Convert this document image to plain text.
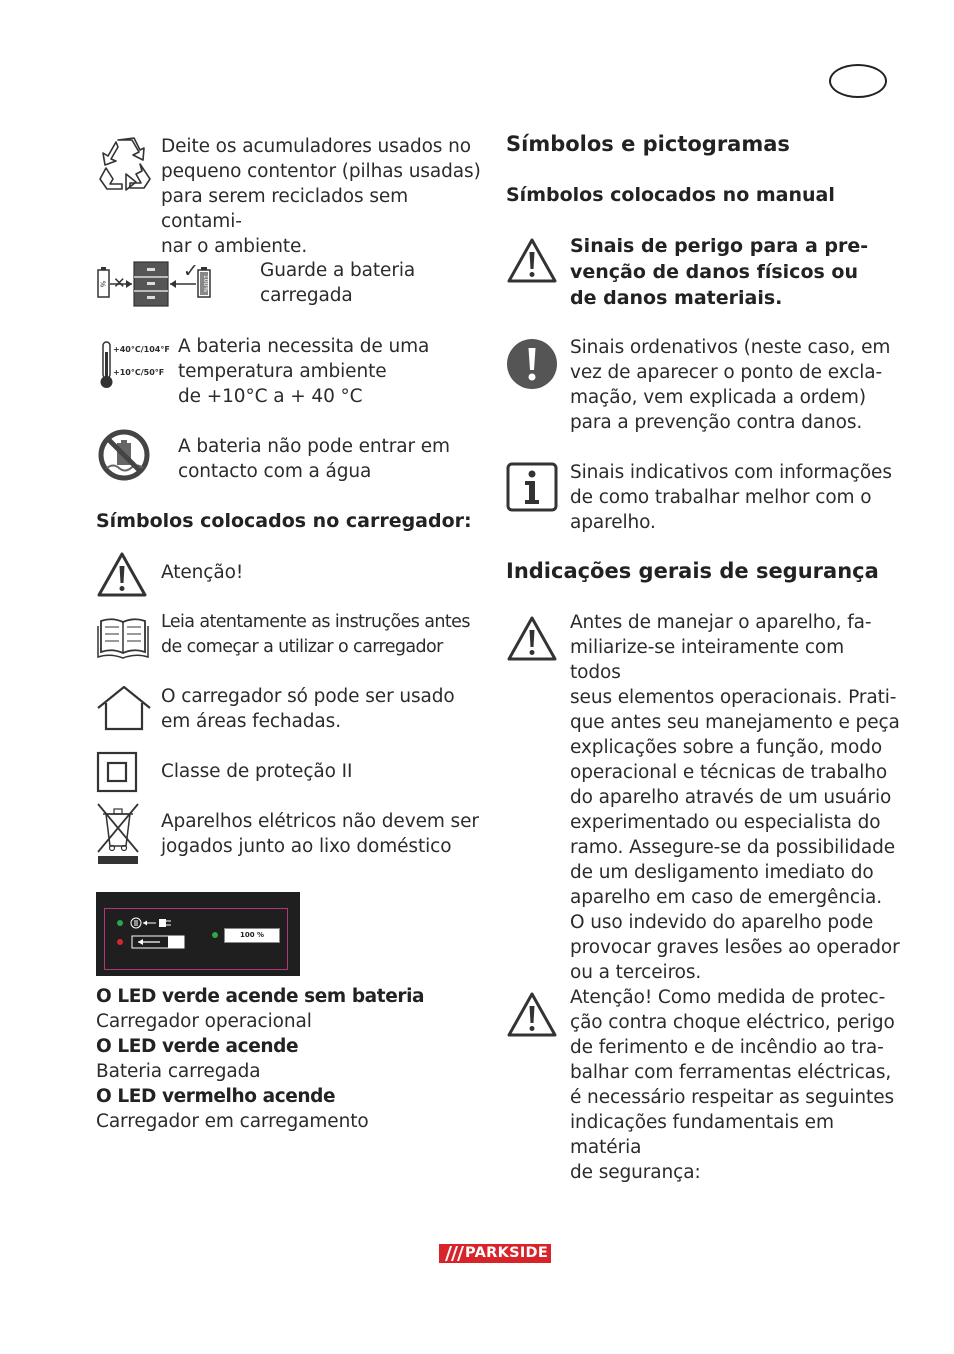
Deite os acumuladores usados no
pequeno contentor (pilhas usadas)
para serem reciclados sem contami-
nar o ambiente.
%	100%
✕
✓	Guarde a bateria
carregada
+40°C/104°F
+10°C/50°F
A bateria necessita de uma
temperatura ambiente
de +10°C a + 40 °C
A bateria não pode entrar em
contacto com a água
Símbolos colocados no carregador:
Atenção!
Leia atentamente as instruções antes
de começar a utilizar o carregador
O carregador só pode ser usado
em áreas fechadas.
Classe de proteção II
Aparelhos elétricos não devem ser
jogados junto ao lixo doméstico
100 %
O LED verde acende sem bateria
Carregador operacional
O LED verde acende
Bateria carregada
O LED vermelho acende
Carregador em carregamento
Símbolos e pictogramas
Símbolos colocados no manual
Sinais de perigo para a pre-
venção de danos físicos ou
de danos materiais.
Sinais ordenativos (neste caso, em
vez de aparecer o ponto de excla-
mação, vem explicada a ordem)
para a prevenção contra danos.
Sinais indicativos com informações
de como trabalhar melhor com o
aparelho.
Indicações gerais de segurança
Antes de manejar o aparelho, fa-
miliarize-se inteiramente com todos
seus elementos operacionais. Prati-
que antes seu manejamento e peça
explicações sobre a função, modo
operacional e técnicas de trabalho
do aparelho através de um usuário
experimentado ou especialista do
ramo. Assegure-se da possibilidade
de um desligamento imediato do
aparelho em caso de emergência.
O uso indevido do aparelho pode
provocar graves lesões ao operador
ou a terceiros.
Atenção! Como medida de protec-
ção contra choque eléctrico, perigo
de ferimento e de incêndio ao tra-
balhar com ferramentas eléctricas,
é necessário respeitar as seguintes
indicações fundamentais em matéria
de segurança:
PARKSIDE
